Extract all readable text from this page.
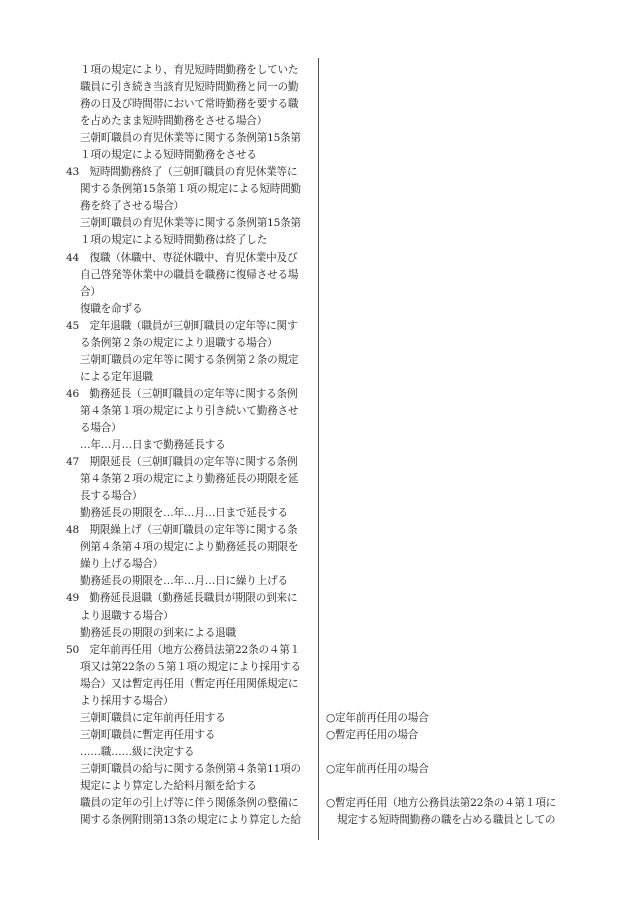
１項の規定により、育児短時間勤務をしていた
職員に引き続き当該育児短時間勤務と同一の勤
務の日及び時間帯において常時勤務を要する職
を占めたまま短時間勤務をさせる場合）
三朝町職員の育児休業等に関する条例第15条第
１項の規定による短時間勤務をさせる
43　短時間勤務終了（三朝町職員の育児休業等に
関する条例第15条第１項の規定による短時間勤
務を終了させる場合）
三朝町職員の育児休業等に関する条例第15条第
１項の規定による短時間勤務は終了した
44　復職（休職中、専従休職中、育児休業中及び
自己啓発等休業中の職員を職務に復帰させる場
合）
復職を命ずる
45　定年退職（職員が三朝町職員の定年等に関す
る条例第２条の規定により退職する場合）
三朝町職員の定年等に関する条例第２条の規定
による定年退職
46　勤務延長（三朝町職員の定年等に関する条例
第４条第１項の規定により引き続いて勤務させ
る場合）
…年…月…日まで勤務延長する
47　期限延長（三朝町職員の定年等に関する条例
第４条第２項の規定により勤務延長の期限を延
長する場合）
勤務延長の期限を…年…月…日まで延長する
48　期限繰上げ（三朝町職員の定年等に関する条
例第４条第４項の規定により勤務延長の期限を
繰り上げる場合）
勤務延長の期限を…年…月…日に繰り上げる
49　勤務延長退職（勤務延長職員が期限の到来に
より退職する場合）
勤務延長の期限の到来による退職
50　定年前再任用（地方公務員法第22条の４第１
項又は第22条の５第１項の規定により採用する
場合）又は暫定再任用（暫定再任用関係規定に
より採用する場合）
三朝町職員に定年前再任用する
三朝町職員に暫定再任用する
……職……級に決定する
三朝町職員の給与に関する条例第４条第11項の
規定により算定した給料月額を給する
職員の定年の引上げ等に伴う関係条例の整備に
関する条例附則第13条の規定により算定した給
○定年前再任用の場合
○暫定再任用の場合
○定年前再任用の場合
○暫定再任用（地方公務員法第22条の４第１項に
規定する短時間勤務の職を占める職員としての
